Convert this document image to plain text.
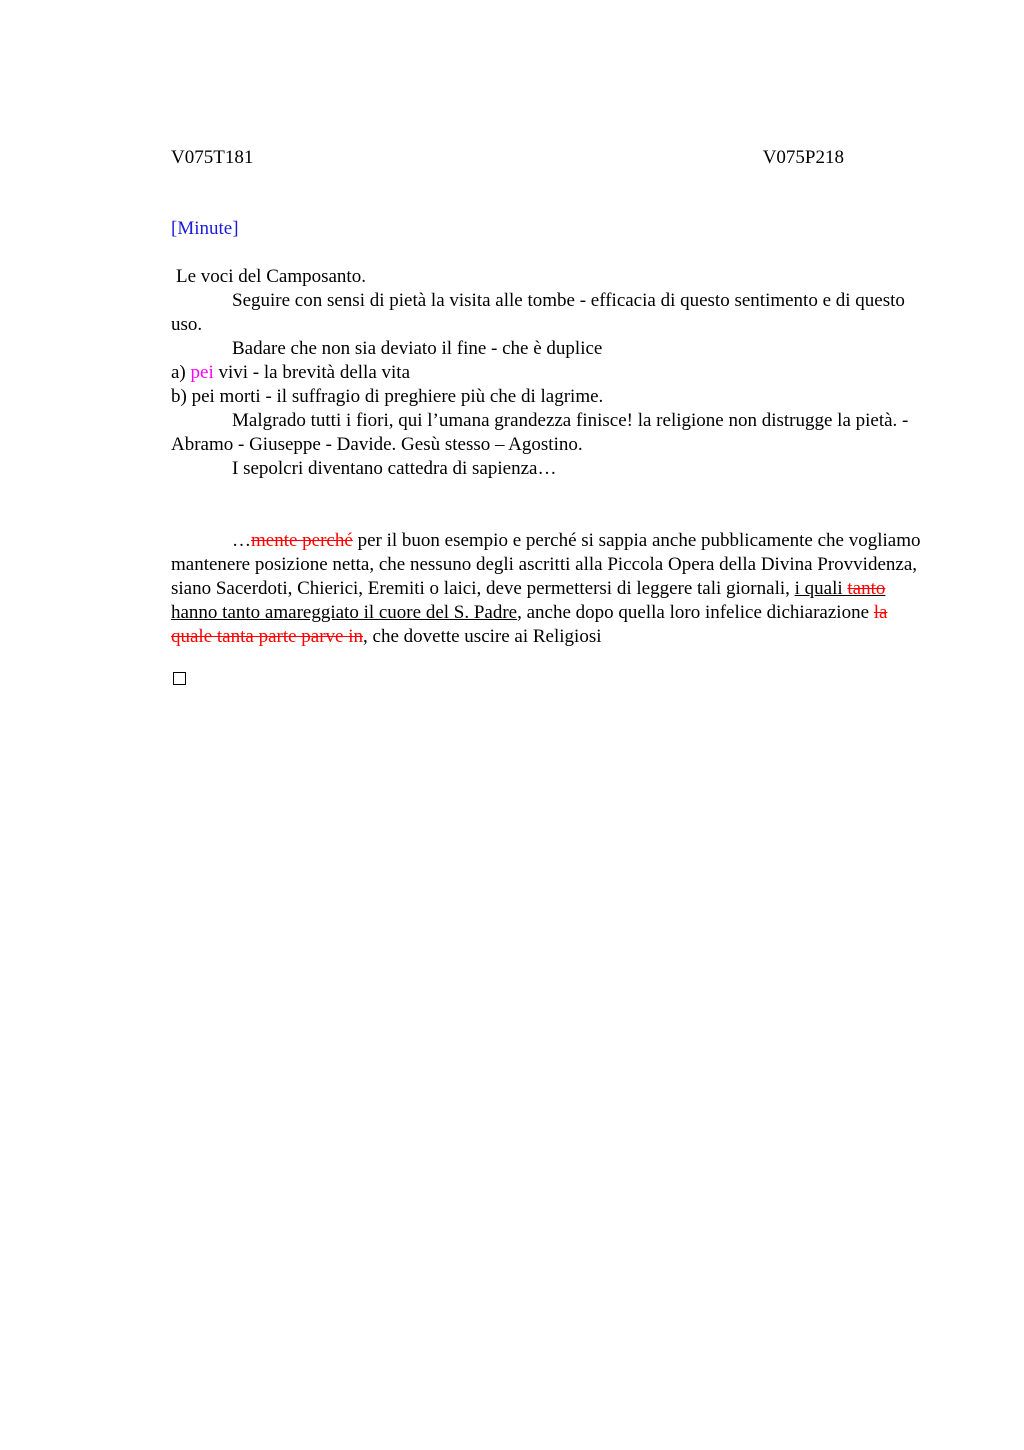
V075T181	V075P218
[Minute]

Le voci del Camposanto.

Seguire con sensi di pietà la visita alle tombe - efficacia di questo sentimento e di questo uso.

Badare che non sia deviato il fine - che è duplice

a) pei vivi - la brevità della vita

b) pei morti - il suffragio di preghiere più che di lagrime.

Malgrado tutti i fiori, qui l’umana grandezza finisce! la religione non distrugge la pietà. - Abramo - Giuseppe - Davide. Gesù stesso – Agostino.

I sepolcri diventano cattedra di sapienza…

…mente perché per il buon esempio e perché si sappia anche pubblicamente che vogliamo mantenere posizione netta, che nessuno degli ascritti alla Piccola Opera della Divina Provvidenza, siano Sacerdoti, Chierici, Eremiti o laici, deve permettersi di leggere tali giornali, i quali tanto hanno tanto amareggiato il cuore del S. Padre, anche dopo quella loro infelice dichiarazione la quale tanta parte parve in, che dovette uscire ai Religiosi
